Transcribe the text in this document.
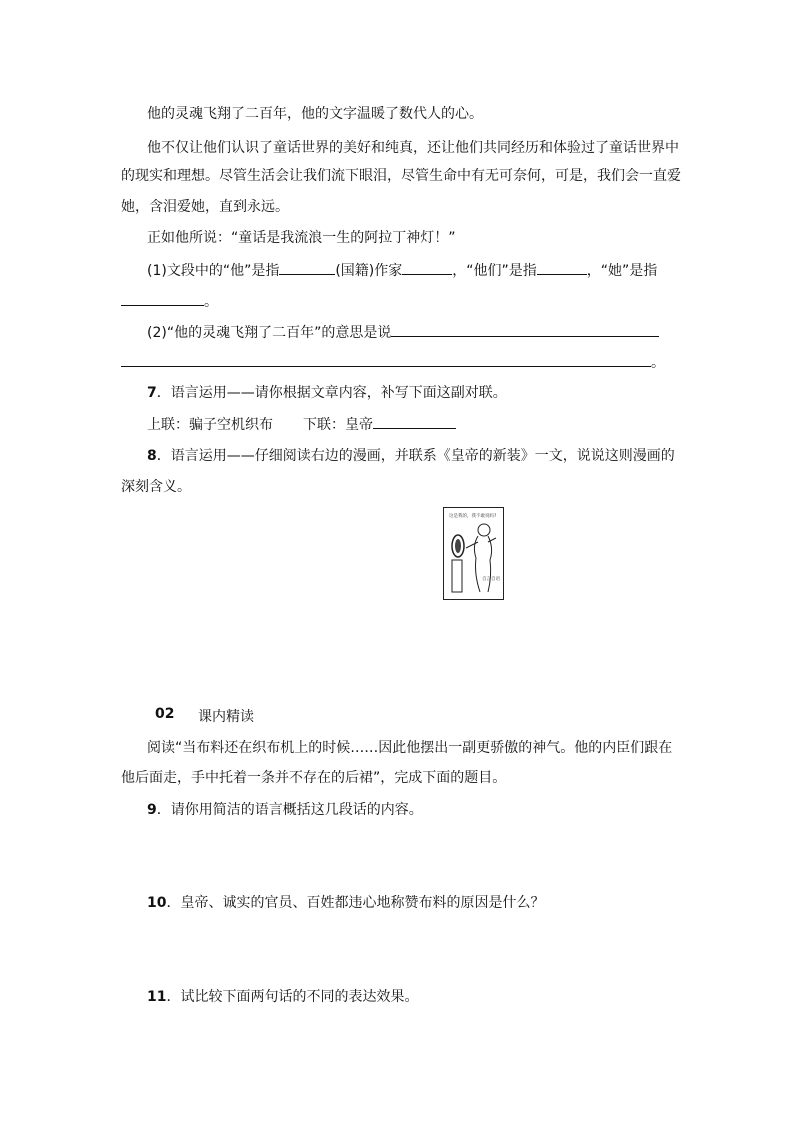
他的灵魂飞翔了二百年，他的文字温暖了数代人的心。
他不仅让他们认识了童话世界的美好和纯真，还让他们共同经历和体验过了童话世界中
的现实和理想。尽管生活会让我们流下眼泪，尽管生命中有无可奈何，可是，我们会一直爱
她，含泪爱她，直到永远。
正如他所说：“童话是我流浪一生的阿拉丁神灯！”
(1)文段中的“他”是指	(国籍)作家	，“他们”是指	，“她”是指
。
(2)“他的灵魂飞翔了二百年”的意思是说
。
7．语言运用——请你根据文章内容，补写下面这副对联。
上联：骗子空机织布 下联：皇帝
8．语言运用——仔细阅读右边的漫画，并联系《皇帝的新装》一文，说说这则漫画的
深刻含义。
这是我的，我不敢说吗?
自言自语
02 课内精读
阅读“当布料还在织布机上的时候……因此他摆出一副更骄傲的神气。他的内臣们跟在
他后面走，手中托着一条并不存在的后裙”，完成下面的题目。
9．请你用简洁的语言概括这几段话的内容。
10．皇帝、诚实的官员、百姓都违心地称赞布料的原因是什么？
11．试比较下面两句话的不同的表达效果。
